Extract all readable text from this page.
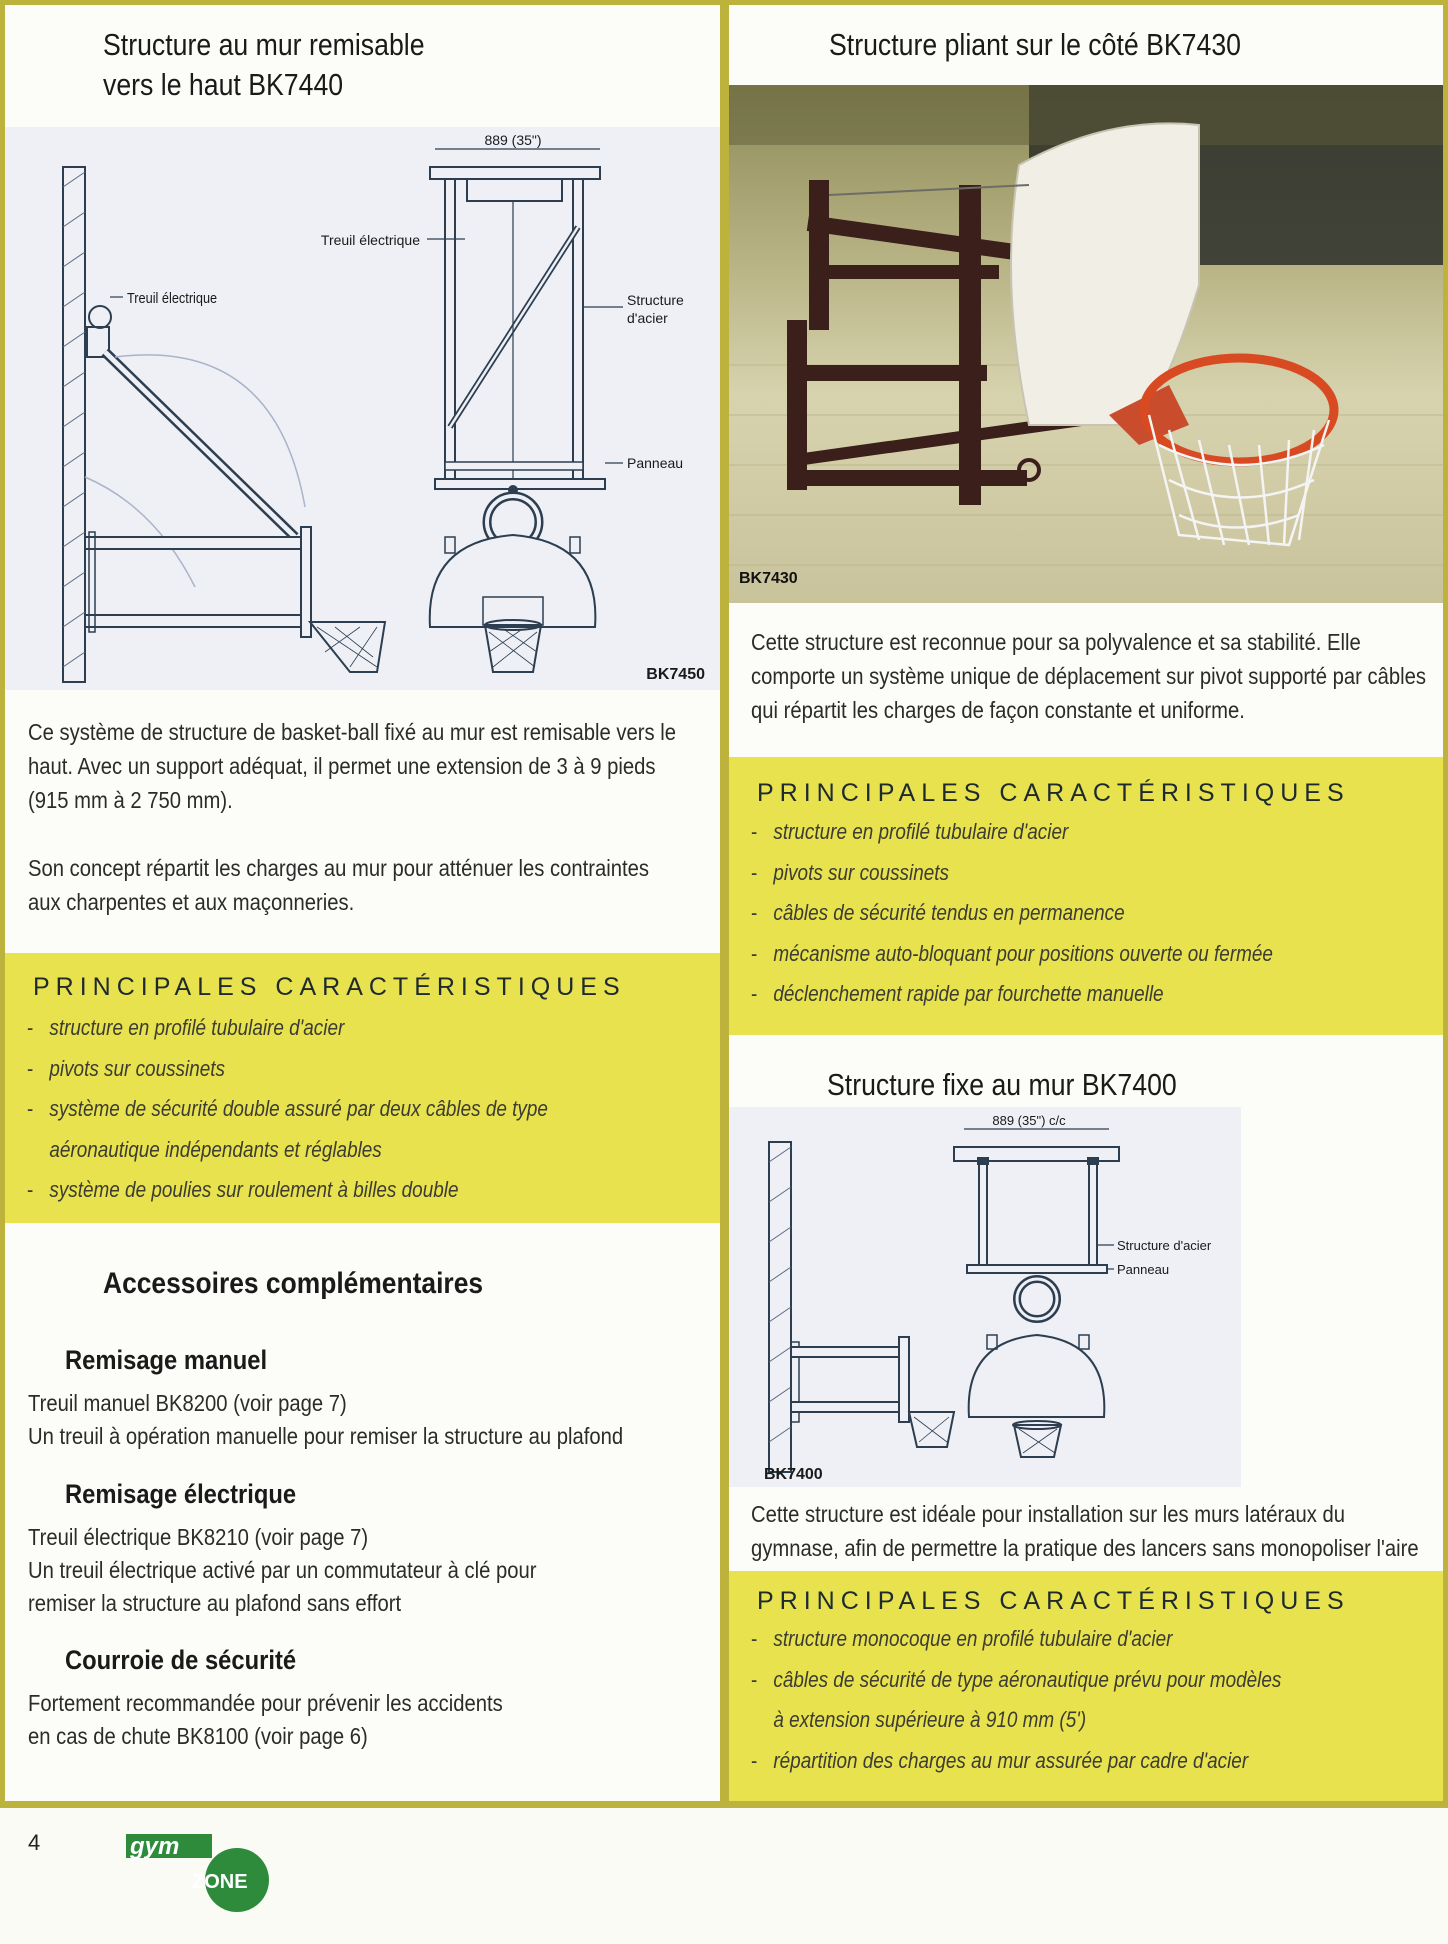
Structure au mur remisable
vers le haut BK7440
Treuil électrique
889 (35")
Treuil électrique
Structure
d'acier
Panneau
BK7450

Ce système de structure de basket-ball fixé au mur est remisable vers le haut. Avec un support adéquat, il permet une extension de 3 à 9 pieds (915 mm à 2 750 mm).

Son concept répartit les charges au mur pour atténuer les contraintes aux charpentes et aux maçonneries.

PRINCIPALES CARACTÉRISTIQUES
- structure en profilé tubulaire d'acier
- pivots sur coussinets
- système de sécurité double assuré par deux câbles de type
aéronautique indépendants et réglables
- système de poulies sur roulement à billes double
Accessoires complémentaires
Remisage manuel

Treuil manuel BK8200 (voir page 7)

Un treuil à opération manuelle pour remiser la structure au plafond

Remisage électrique

Treuil électrique BK8210 (voir page 7)

Un treuil électrique activé par un commutateur à clé pour

remiser la structure au plafond sans effort

Courroie de sécurité

Fortement recommandée pour prévenir les accidents

en cas de chute BK8100 (voir page 6)

Structure pliant sur le côté BK7430
BK7430

Cette structure est reconnue pour sa polyvalence et sa stabilité. Elle comporte un système unique de déplacement sur pivot supporté par câbles qui répartit les charges de façon constante et uniforme.

PRINCIPALES CARACTÉRISTIQUES
- structure en profilé tubulaire d'acier
- pivots sur coussinets
- câbles de sécurité tendus en permanence
- mécanisme auto-bloquant pour positions ouverte ou fermée
- déclenchement rapide par fourchette manuelle
Structure fixe au mur BK7400
BK7400
889 (35") c/c
Structure d'acier
Panneau

Cette structure est idéale pour installation sur les murs latéraux du gymnase, afin de permettre la pratique des lancers sans monopoliser l'aire

PRINCIPALES CARACTÉRISTIQUES
- structure monocoque en profilé tubulaire d'acier
- câbles de sécurité de type aéronautique prévu pour modèles
à extension supérieure à 910 mm (5')
- répartition des charges au mur assurée par cadre d'acier
4	gym
ZONE
